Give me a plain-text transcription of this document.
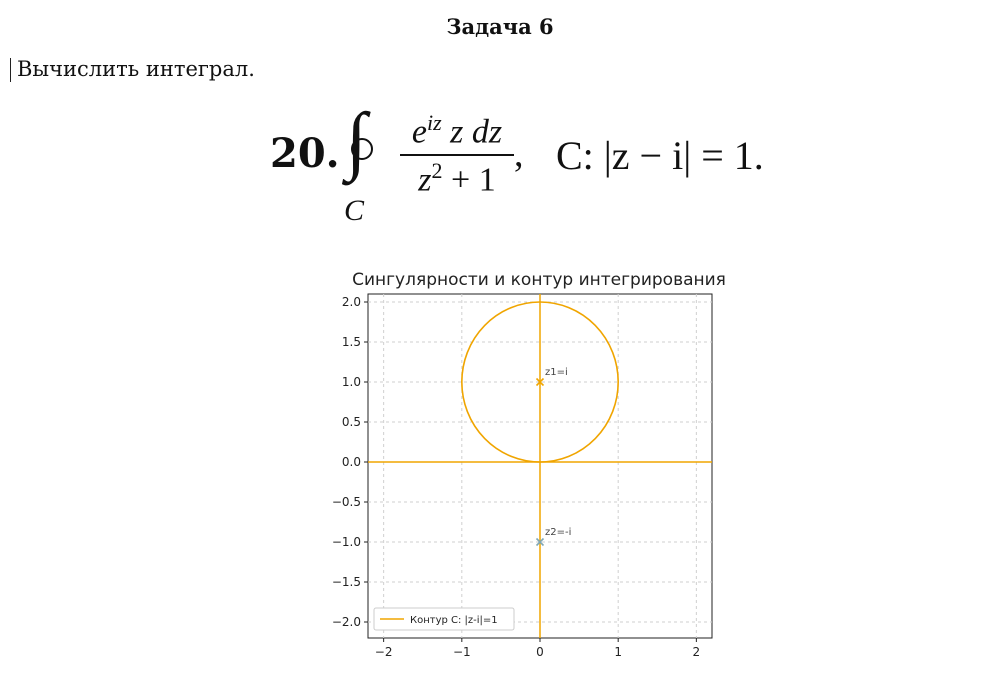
Задача 6
Вычислить интеграл.
20. ∫
C
$e^{iz}$ z dz
$z^2 + 1$
, C: |z − i| = 1.
Сингулярности и контур интегрирования
z1=i
z2=-i
−2	−1	0	1	2
−2.0
−1.5
−1.0
−0.5
0.0
0.5
1.0
1.5
2.0
Контур C: |z-i|=1
